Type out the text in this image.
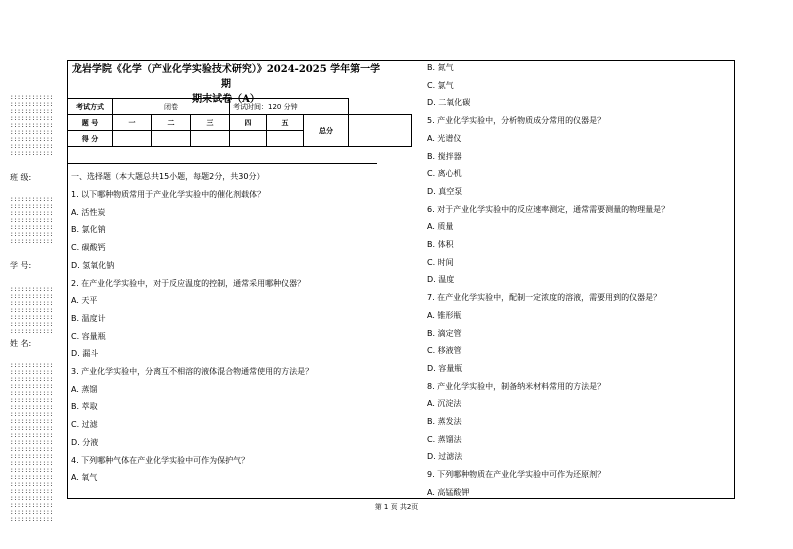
::::::::::::
::::::::::::
::::::::::::
::::::::::::
::::::::::::
::::::::::::
::::::::::::
::::::::::::
::::::::::::
班 级:
::::::::::::
::::::::::::
::::::::::::
::::::::::::
::::::::::::
::::::::::::
::::::::::::
学 号:
::::::::::::
::::::::::::
::::::::::::
::::::::::::
::::::::::::
::::::::::::
::::::::::::
姓 名:
::::::::::::
::::::::::::
::::::::::::
::::::::::::
::::::::::::
::::::::::::
::::::::::::
::::::::::::
::::::::::::
::::::::::::
::::::::::::
::::::::::::
::::::::::::
::::::::::::
::::::::::::
::::::::::::
::::::::::::
::::::::::::
::::::::::::
::::::::::::
::::::::::::
::::::::::::
::::::::::::
龙岩学院《化学（产业化学实验技术研究）》2024-2025 学年第一学期
期末试卷（A）
考试方式	闭卷			考试时间：120 分钟			
题 号	一	二	三	四	五	总分	
得 分							
一、选择题（本大题总共15小题，每题2分，共30分）
1. 以下哪种物质常用于产业化学实验中的催化剂载体？
A. 活性炭
B. 氯化钠
C. 碳酸钙
D. 氢氧化钠
2. 在产业化学实验中，对于反应温度的控制，通常采用哪种仪器？
A. 天平
B. 温度计
C. 容量瓶
D. 漏斗
3. 产业化学实验中，分离互不相溶的液体混合物通常使用的方法是？
A. 蒸馏
B. 萃取
C. 过滤
D. 分液
4. 下列哪种气体在产业化学实验中可作为保护气？
A. 氧气
B. 氮气
C. 氯气
D. 二氧化碳
5. 产业化学实验中，分析物质成分常用的仪器是？
A. 光谱仪
B. 搅拌器
C. 离心机
D. 真空泵
6. 对于产业化学实验中的反应速率测定，通常需要测量的物理量是？
A. 质量
B. 体积
C. 时间
D. 温度
7. 在产业化学实验中，配制一定浓度的溶液，需要用到的仪器是？
A. 锥形瓶
B. 滴定管
C. 移液管
D. 容量瓶
8. 产业化学实验中，制备纳米材料常用的方法是？
A. 沉淀法
B. 蒸发法
C. 蒸馏法
D. 过滤法
9. 下列哪种物质在产业化学实验中可作为还原剂？
A. 高锰酸钾
第 1 页 共2页
